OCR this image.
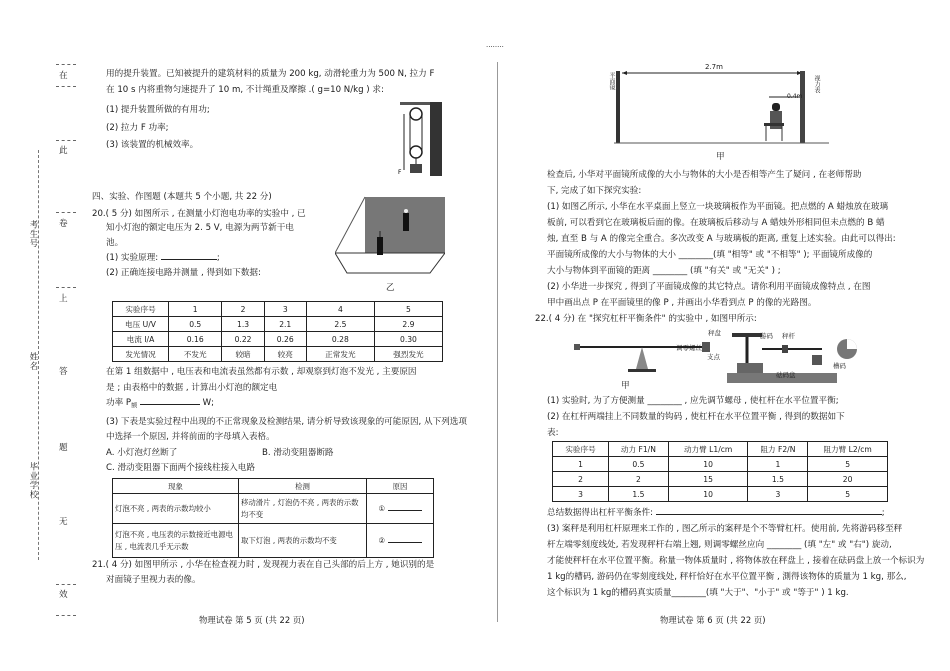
........
在
此
卷
上
答
题
无
效
考生号
姓名
毕业学校
用的提升装置。已知被提升的建筑材料的质量为 200 kg, 动滑轮重力为 500 N, 拉力 F
在 10 s 内将重物匀速提升了 10 m, 不计绳重及摩擦 .( g=10 N/kg ) 求:
(1) 提升装置所做的有用功;
(2) 拉力 F 功率;
(3) 该装置的机械效率。
F
四、实验、作图题 (本题共 5 个小题, 共 22 分)
20.( 5 分) 如图所示 , 在测量小灯泡电功率的实验中 , 已
知小灯泡的额定电压为 2. 5 V, 电源为两节新干电
池。
(1) 实验原理:	;
(2) 正确连接电路并测量 , 得到如下数据:
乙
实验序号	1	2	3	4	5
电压 U/V	0.5	1.3	2.1	2.5	2.9
电流 I/A	0.16	0.22	0.26	0.28	0.30
发光情况	不发光	较暗	较亮	正常发光	强烈发光
在第 1 组数据中 , 电压表和电流表虽然都有示数 , 却观察到灯泡不发光 , 主要原因
是 ; 由表格中的数据 , 计算出小灯泡的额定电
功率 $P_额$	W;
(3) 下表是实验过程中出现的不正常现象及检测结果, 请分析导致该现象的可能原因, 从下列选项
中选择一个原因, 并将前面的字母填入表格。
A. 小灯泡灯丝断了	B. 滑动变阻器断路
C. 滑动变阻器下面两个接线柱接入电路
现象	检测	原因
灯泡不亮 , 两表的示数均较小	移动滑片 , 灯泡仍不亮 , 两表的示数均不变	①
灯泡不亮 , 电压表的示数接近电源电压 , 电流表几乎无示数	取下灯泡 , 两表的示数均不变	②
21.( 4 分) 如图甲所示 , 小华在检查视力时 , 发现视力表在自己头部的后上方 , 她识别的是
对面镜子里视力表的像。
物理试卷 第 5 页 (共 22 页)
平面镜	视力表
2.7m
0.4m
甲
检查后, 小华对平面镜所成像的大小与物体的大小是否相等产生了疑问 , 在老师帮助
下, 完成了如下探究实验:
(1) 如图乙所示, 小华在水平桌面上竖立一块玻璃板作为平面镜。把点燃的 A 蜡烛放在玻璃
板前, 可以看到它在玻璃板后面的像。在玻璃板后移动与 A 蜡烛外形相同但未点燃的 B 蜡
烛, 直至 B 与 A 的像完全重合。多次改变 A 与玻璃板的距离, 重复上述实验。由此可以得出:
平面镜所成像的大小与物体的大小 ________(填 "相等" 或 "不相等" ); 平面镜所成像的
大小与物体到平面镜的距离 ________ (填 "有关" 或 "无关" ) ;
(2) 小华进一步探究 , 得到了平面镜成像的其它特点。请你利用平面镜成像特点 , 在图
甲中画出点 P 在平面镜里的像 P , 并画出小华看到点 P 的像的光路图。
22.( 4 分) 在 "探究杠杆平衡条件" 的实验中 , 如图甲所示:
秤盘	游码 秤杆
调零螺丝
支点
砝码盘
槽码
甲
(1) 实验时, 为了方便测量 ________ , 应先调节螺母 , 使杠杆在水平位置平衡;
(2) 在杠杆两端挂上不同数量的钩码 , 使杠杆在水平位置平衡 , 得到的数据如下
表:
实验序号	动力 F1/N	动力臂 L1/cm	阻力 F2/N	阻力臂 L2/cm
1	0.5	10	1	5
2	2	15	1.5	20
3	1.5	10	3	5
总结数据得出杠杆平衡条件:	;
(3) 案秤是利用杠杆原理来工作的 , 图乙所示的案秤是个不等臂杠杆。使用前, 先将游码移至秤
杆左端零刻度线处, 若发现秤杆右端上翘, 则调零螺丝应向 ________ (填 "左" 或 "右") 旋动,
才能使秤杆在水平位置平衡。称量一物体质量时 , 将物体放在秤盘上 , 接着在砝码盘上放一个标识为
1 kg的槽码, 游码仍在零刻度线处, 秤杆恰好在水平位置平衡 , 測得该物体的质量为 1 kg, 那么,
这个标识为 1 kg的槽码真实质量________(填 "大于"、"小于" 或 "等于" ) 1 kg.
物理试卷 第 6 页 (共 22 页)
